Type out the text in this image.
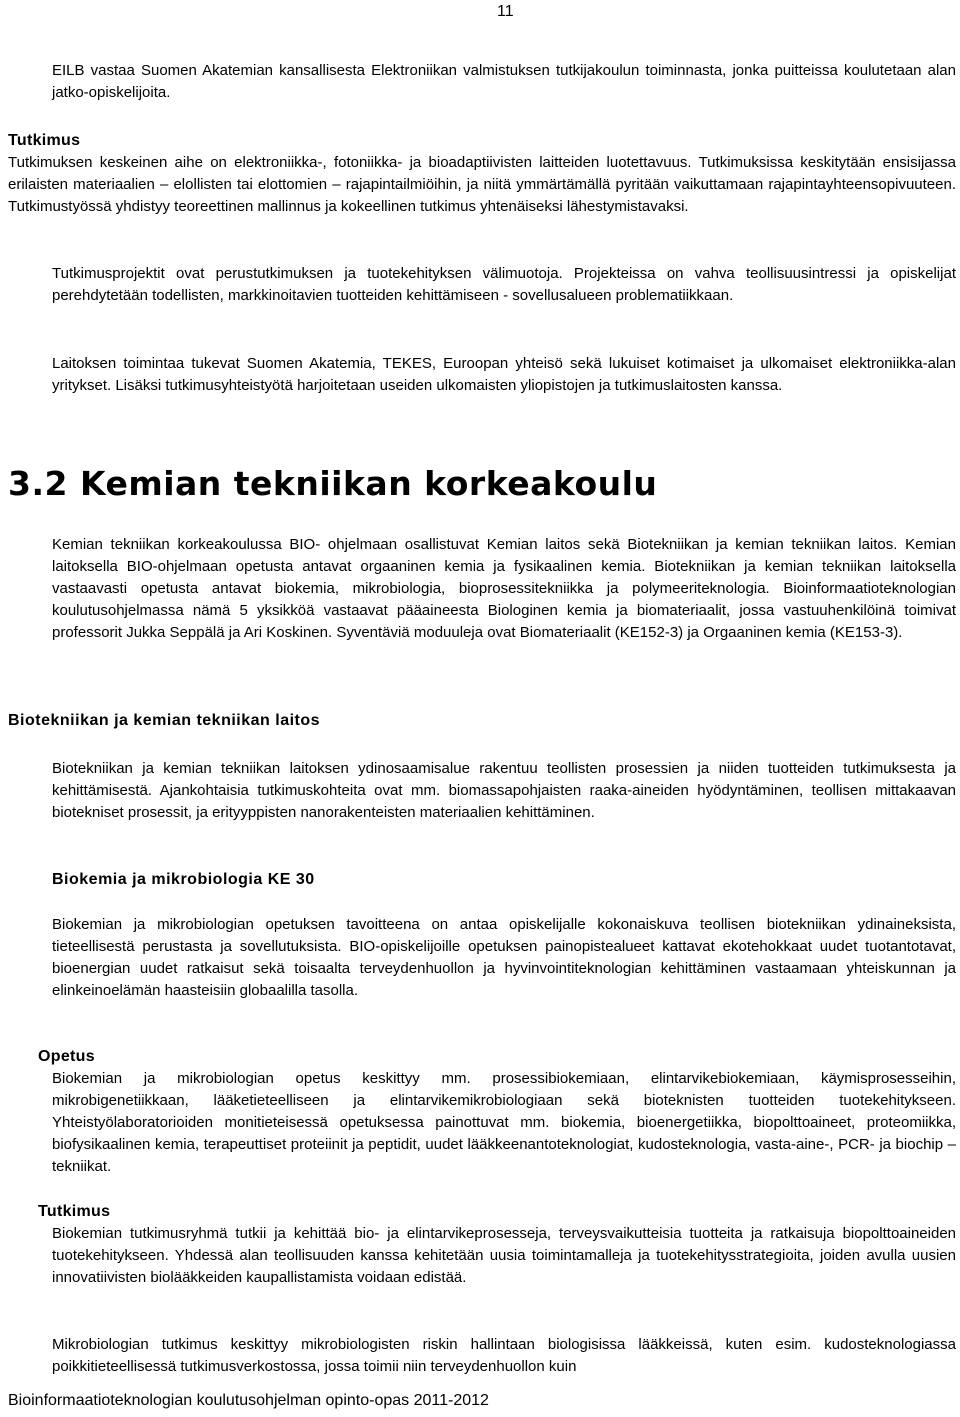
11

EILB vastaa Suomen Akatemian kansallisesta Elektroniikan valmistuksen tutkijakoulun toiminnasta, jonka puitteissa koulutetaan alan jatko-opiskelijoita.

Tutkimus

Tutkimuksen keskeinen aihe on elektroniikka-, fotoniikka- ja bioadaptiivisten laitteiden luotettavuus. Tutkimuksissa keskitytään ensisijassa erilaisten materiaalien – elollisten tai elottomien – rajapintailmiöihin, ja niitä ymmärtämällä pyritään vaikuttamaan rajapintayhteensopivuuteen. Tutkimustyössä yhdistyy teoreettinen mallinnus ja kokeellinen tutkimus yhtenäiseksi lähestymistavaksi.

Tutkimusprojektit ovat perustutkimuksen ja tuotekehityksen välimuotoja. Projekteissa on vahva teollisuusintressi ja opiskelijat perehdytetään todellisten, markkinoitavien tuotteiden kehittämiseen - sovellusalueen problematiikkaan.

Laitoksen toimintaa tukevat Suomen Akatemia, TEKES, Euroopan yhteisö sekä lukuiset kotimaiset ja ulkomaiset elektroniikka-alan yritykset. Lisäksi tutkimusyhteistyötä harjoitetaan useiden ulkomaisten yliopistojen ja tutkimuslaitosten kanssa.

3.2 Kemian tekniikan korkeakoulu

Kemian tekniikan korkeakoulussa BIO- ohjelmaan osallistuvat Kemian laitos sekä Biotekniikan ja kemian tekniikan laitos. Kemian laitoksella BIO-ohjelmaan opetusta antavat orgaaninen kemia ja fysikaalinen kemia. Biotekniikan ja kemian tekniikan laitoksella vastaavasti opetusta antavat biokemia, mikrobiologia, bioprosessitekniikka ja polymeeriteknologia. Bioinformaatioteknologian koulutusohjelmassa nämä 5 yksikköä vastaavat pääaineesta Biologinen kemia ja biomateriaalit, jossa vastuuhenkilöinä toimivat professorit Jukka Seppälä ja Ari Koskinen. Syventäviä moduuleja ovat Biomateriaalit (KE152-3) ja Orgaaninen kemia (KE153-3).

Biotekniikan ja kemian tekniikan laitos

Biotekniikan ja kemian tekniikan laitoksen ydinosaamisalue rakentuu teollisten prosessien ja niiden tuotteiden tutkimuksesta ja kehittämisestä. Ajankohtaisia tutkimuskohteita ovat mm. biomassapohjaisten raaka-aineiden hyödyntäminen, teollisen mittakaavan biotekniset prosessit, ja erityyppisten nanorakenteisten materiaalien kehittäminen.

Biokemia ja mikrobiologia KE 30

Biokemian ja mikrobiologian opetuksen tavoitteena on antaa opiskelijalle kokonaiskuva teollisen biotekniikan ydinaineksista, tieteellisestä perustasta ja sovellutuksista. BIO-opiskelijoille opetuksen painopistealueet kattavat ekotehokkaat uudet tuotantotavat, bioenergian uudet ratkaisut sekä toisaalta terveydenhuollon ja hyvinvointiteknologian kehittäminen vastaamaan yhteiskunnan ja elinkeinoelämän haasteisiin globaalilla tasolla.

Opetus

Biokemian ja mikrobiologian opetus keskittyy mm. prosessibiokemiaan, elintarvikebiokemiaan, käymisprosesseihin, mikrobigenetiikkaan, lääketieteelliseen ja elintarvikemikrobiologiaan sekä bioteknisten tuotteiden tuotekehitykseen. Yhteistyölaboratorioiden monitieteisessä opetuksessa painottuvat mm. biokemia, bioenergetiikka, biopolttoaineet, proteomiikka, biofysikaalinen kemia, terapeuttiset proteiinit ja peptidit, uudet lääkkeenantoteknologiat, kudosteknologia, vasta-aine-, PCR- ja biochip – tekniikat.

Tutkimus

Biokemian tutkimusryhmä tutkii ja kehittää bio- ja elintarvikeprosesseja, terveysvaikutteisia tuotteita ja ratkaisuja biopolttoaineiden tuotekehitykseen. Yhdessä alan teollisuuden kanssa kehitetään uusia toimintamalleja ja tuotekehitysstrategioita, joiden avulla uusien innovatiivisten biolääkkeiden kaupallistamista voidaan edistää.

Mikrobiologian tutkimus keskittyy mikrobiologisten riskin hallintaan biologisissa lääkkeissä, kuten esim. kudosteknologiassa poikkitieteellisessä tutkimusverkostossa, jossa toimii niin terveydenhuollon kuin

Bioinformaatioteknologian koulutusohjelman opinto-opas 2011-2012
